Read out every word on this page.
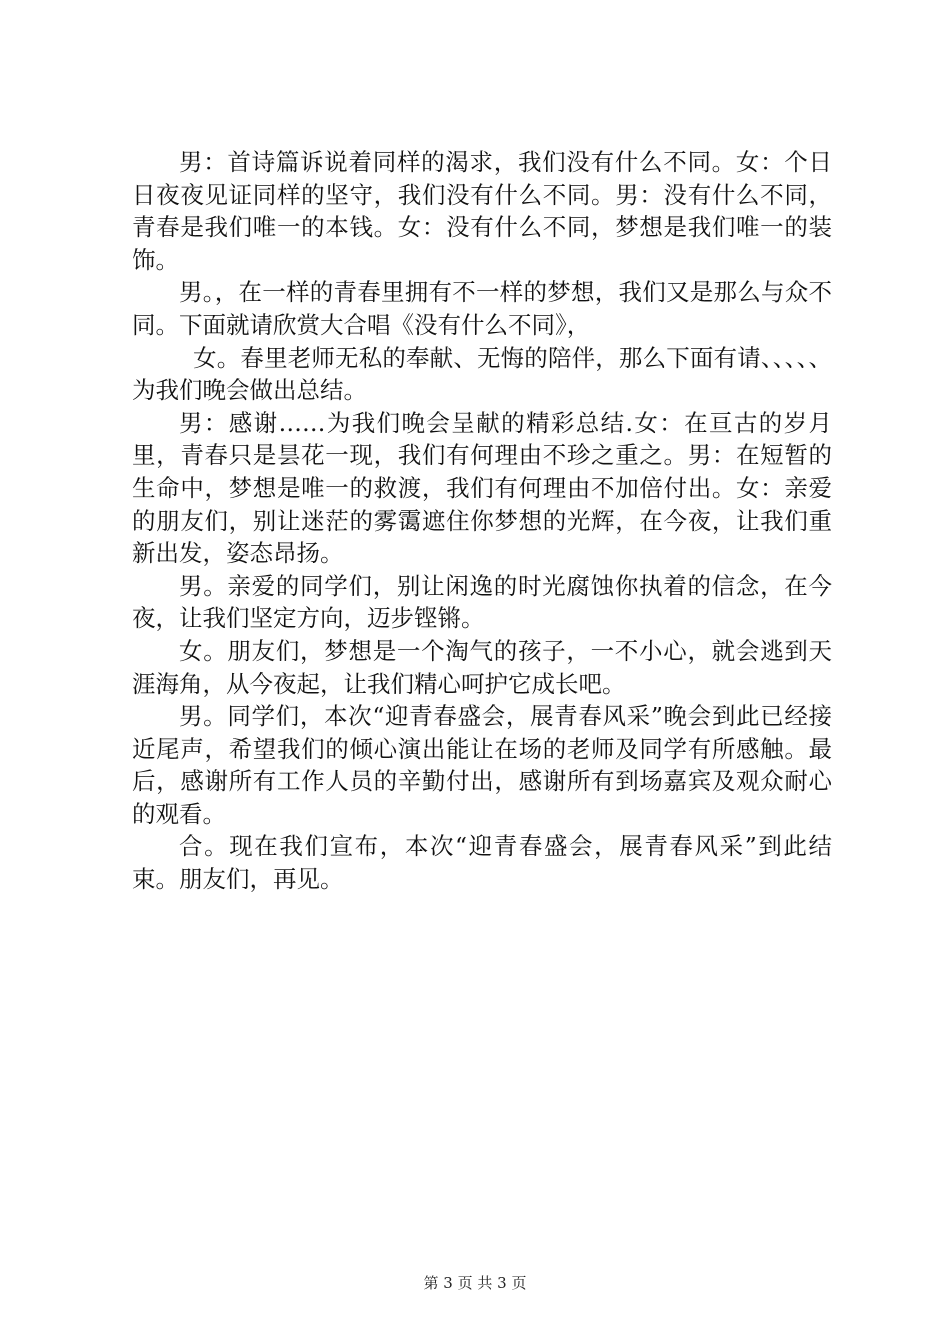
男：首诗篇诉说着同样的渴求，我们没有什么不同。女：个日日夜夜见证同样的坚守，我们没有什么不同。男：没有什么不同，青春是我们唯一的本钱。女：没有什么不同，梦想是我们唯一的装饰。

男。，在一样的青春里拥有不一样的梦想，我们又是那么与众不同。下面就请欣赏大合唱《没有什么不同》，

女。春里老师无私的奉献、无悔的陪伴，那么下面有请、、、、、为我们晚会做出总结。

男：感谢……为我们晚会呈献的精彩总结.女：在亘古的岁月里，青春只是昙花一现，我们有何理由不珍之重之。男：在短暂的生命中，梦想是唯一的救渡，我们有何理由不加倍付出。女：亲爱的朋友们，别让迷茫的雾霭遮住你梦想的光辉，在今夜，让我们重新出发，姿态昂扬。

男。亲爱的同学们，别让闲逸的时光腐蚀你执着的信念，在今夜，让我们坚定方向，迈步铿锵。

女。朋友们，梦想是一个淘气的孩子，一不小心，就会逃到天涯海角，从今夜起，让我们精心呵护它成长吧。

男。同学们，本次“迎青春盛会，展青春风采”晚会到此已经接近尾声，希望我们的倾心演出能让在场的老师及同学有所感触。最后，感谢所有工作人员的辛勤付出，感谢所有到场嘉宾及观众耐心的观看。

合。现在我们宣布，本次“迎青春盛会，展青春风采”到此结束。朋友们，再见。

第 3 页 共 3 页
